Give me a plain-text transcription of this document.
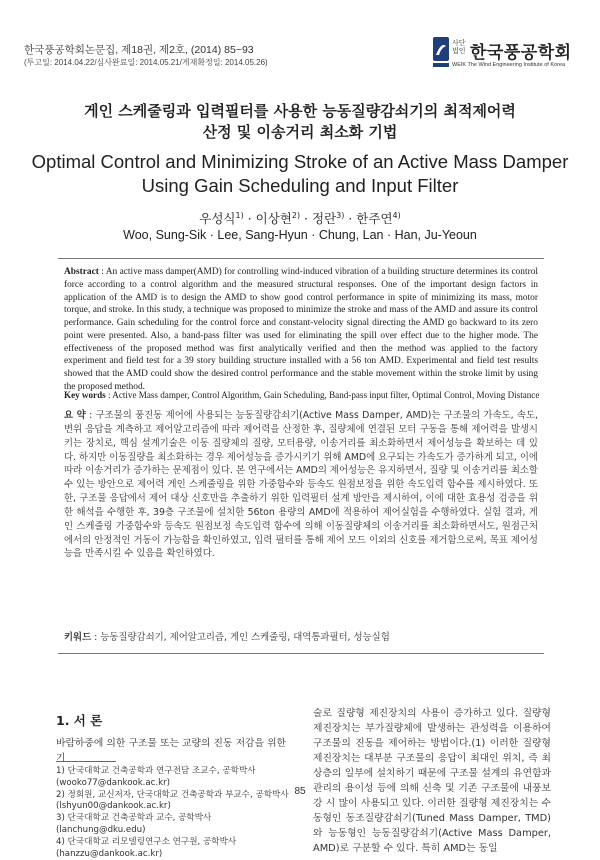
한국풍공학회논문집, 제18권, 제2호, (2014) 85~93
(투고일: 2014.04.22/심사완료일: 2014.05.21/게재확정일: 2014.05.26)
사단
법인 한국풍공학회
WEIK The Wind Engineering Institute of Korea
게인 스케줄링과 입력필터를 사용한 능동질량감쇠기의 최적제어력
산정 및 이송거리 최소화 기법
Optimal Control and Minimizing Stroke of an Active Mass Damper
Using Gain Scheduling and Input Filter
우성식$^{1)}$ · 이상현$^{2)}$ · 정란$^{3)}$ · 한주연$^{4)}$
Woo, Sung-Sik · Lee, Sang-Hyun · Chung, Lan · Han, Ju-Yeoun
Abstract : An active mass damper(AMD) for controlling wind-induced vibration of a building structure determines its control force according to a control algorithm and the measured structural responses. One of the important design factors in application of the AMD is to design the AMD to show good control performance in spite of minimizing its mass, motor torque, and stroke. In this study, a technique was proposed to minimize the stroke and mass of the AMD and assure its control performance. Gain scheduling for the control force and constant-velocity signal directing the AMD go backward to its zero point were presented. Also, a band-pass filter was used for eliminating the spill over effect due to the higher mode. The effectiveness of the proposed method was first analytically verified and then the method was applied to the factory experiment and field test for a 39 story building structure installed with a 56 ton AMD. Experimental and field test results showed that the AMD could show the desired control performance and the stable movement within the stroke limit by using the proposed method.
Key words : Active Mass damper, Control Algorithm, Gain Scheduling, Band-pass input filter, Optimal Control, Moving Distance
요 약 : 구조물의 풍진동 제어에 사용되는 능동질량감쇠기(Active Mass Damper, AMD)는 구조물의 가속도, 속도, 변위 응답을 계측하고 제어알고리즘에 따라 제어력을 산정한 후, 질량체에 연결된 모터 구동을 통해 제어력을 발생시키는 장치로, 핵심 설계기술은 이동 질량체의 질량, 모터용량, 이송거리를 최소화하면서 제어성능을 확보하는 데 있다. 하지만 이동질량을 최소화하는 경우 제어성능을 증가시키기 위해 AMD에 요구되는 가속도가 증가하게 되고, 이에 따라 이송거리가 증가하는 문제점이 있다. 본 연구에서는 AMD의 제어성능은 유지하면서, 질량 및 이송거리를 최소할 수 있는 방안으로 제어력 게인 스케줄링을 위한 가중함수와 등속도 원점보정을 위한 속도입력 함수를 제시하였다. 또한, 구조물 응답에서 제어 대상 신호만을 추출하기 위한 입력필터 설계 방안을 제시하여, 이에 대한 효용성 검증을 위한 해석을 수행한 후, 39층 구조물에 설치한 56ton 용량의 AMD에 적용하여 제어실험을 수행하였다. 실험 결과, 게인 스케줄링 가중함수와 등속도 원점보정 속도입력 함수에 의해 이동질량체의 이송거리를 최소화하면서도, 원점근처에서의 안정적인 거동이 가능함을 확인하였고, 입력 필터를 통해 제어 모드 이외의 신호를 제거함으로써, 목표 제어성능을 만족시킬 수 있음을 확인하였다.
키워드 : 능동질량감쇠기, 제어알고리즘, 게인 스케줄링, 대역통과필터, 성능실험
1. 서 론
바람하중에 의한 구조물 또는 교량의 진동 저감을 위한 기
1) 단국대학교 건축공학과 연구전담 조교수, 공학박사 (wooko77@dankook.ac.kr)
2) 정회원, 교신저자, 단국대학교 건축공학과 부교수, 공학박사 (lshyun00@dankook.ac.kr)
3) 단국대학교 건축공학과 교수, 공학박사 (lanchung@dku.edu)
4) 단국대학교 리모델링연구소 연구원, 공학박사 (hanzzu@dankook.ac.kr)
술로 질량형 제진장치의 사용이 증가하고 있다. 질량형 제진장치는 부가질량체에 발생하는 관성력을 이용하여 구조물의 진동을 제어하는 방법이다.(1) 이러한 질량형 제진장치는 대부분 구조물의 응답이 최대인 위치, 즉 최상층의 일부에 설치하기 때문에 구조물 설계의 유연함과 관리의 용이성 등에 의해 신축 및 기존 구조물에 내풍보강 시 많이 사용되고 있다. 이러한 질량형 제진장치는 수동형인 동조질량감쇠기(Tuned Mass Damper, TMD)와 능동형인 능동질량감쇠기(Active Mass Damper, AMD)로 구분할 수 있다. 특히 AMD는 동일
85
